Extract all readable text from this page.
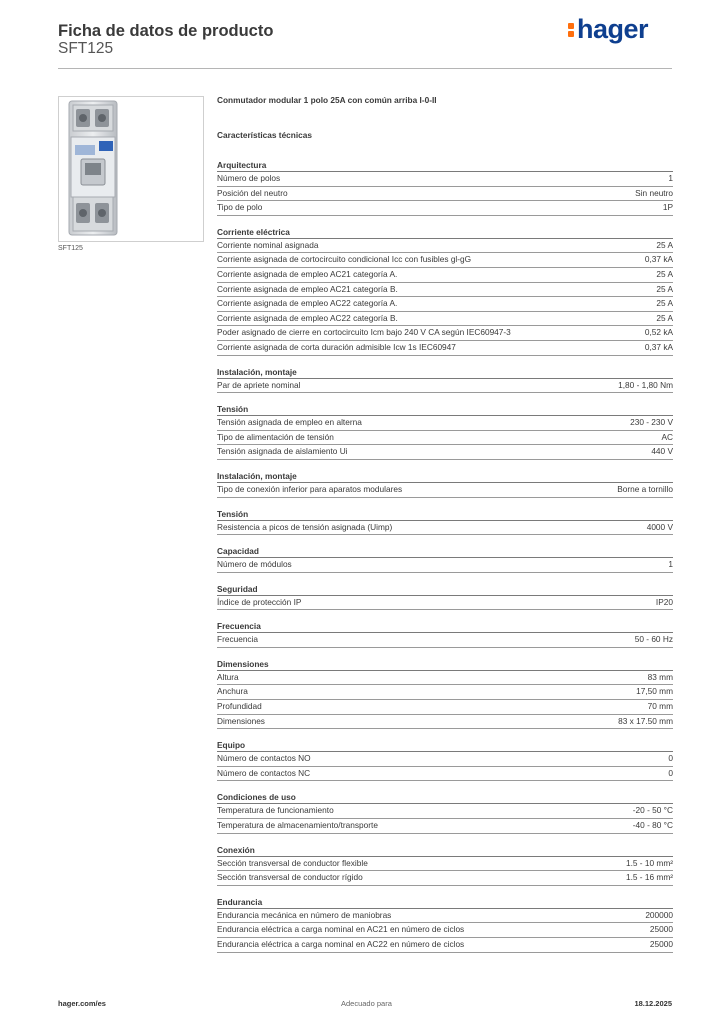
Ficha de datos de producto
SFT125
hager
SFT125
Conmutador modular 1 polo 25A con común arriba I-0-II
Características técnicas
Arquitectura
Número de polos	1
Posición del neutro	Sin neutro
Tipo de polo	1P
Corriente eléctrica
Corriente nominal asignada	25 A
Corriente asignada de cortocircuito condicional Icc con fusibles gl-gG	0,37 kA
Corriente asignada de empleo AC21 categoría A.	25 A
Corriente asignada de empleo AC21 categoría B.	25 A
Corriente asignada de empleo AC22 categoría A.	25 A
Corriente asignada de empleo AC22 categoría B.	25 A
Poder asignado de cierre en cortocircuito Icm bajo 240 V CA según IEC60947-3	0,52 kA
Corriente asignada de corta duración admisible Icw 1s IEC60947	0,37 kA
Instalación, montaje
Par de apriete nominal	1,80 - 1,80 Nm
Tensión
Tensión asignada de empleo en alterna	230 - 230 V
Tipo de alimentación de tensión	AC
Tensión asignada de aislamiento Ui	440 V
Instalación, montaje
Tipo de conexión inferior para aparatos modulares	Borne a tornillo
Tensión
Resistencia a picos de tensión asignada (Uimp)	4000 V
Capacidad
Número de módulos	1
Seguridad
Índice de protección IP	IP20
Frecuencia
Frecuencia	50 - 60 Hz
Dimensiones
Altura	83 mm
Anchura	17,50 mm
Profundidad	70 mm
Dimensiones	83 x 17.50 mm
Equipo
Número de contactos NO	0
Número de contactos NC	0
Condiciones de uso
Temperatura de funcionamiento	-20 - 50 °C
Temperatura de almacenamiento/transporte	-40 - 80 °C
Conexión
Sección transversal de conductor flexible	1.5 - 10 mm²
Sección transversal de conductor rígido	1.5 - 16 mm²
Endurancia
Endurancia mecánica en número de maniobras	200000
Endurancia eléctrica a carga nominal en AC21 en número de ciclos	25000
Endurancia eléctrica a carga nominal en AC22 en número de ciclos	25000
hager.com/es	Adecuado para	18.12.2025
